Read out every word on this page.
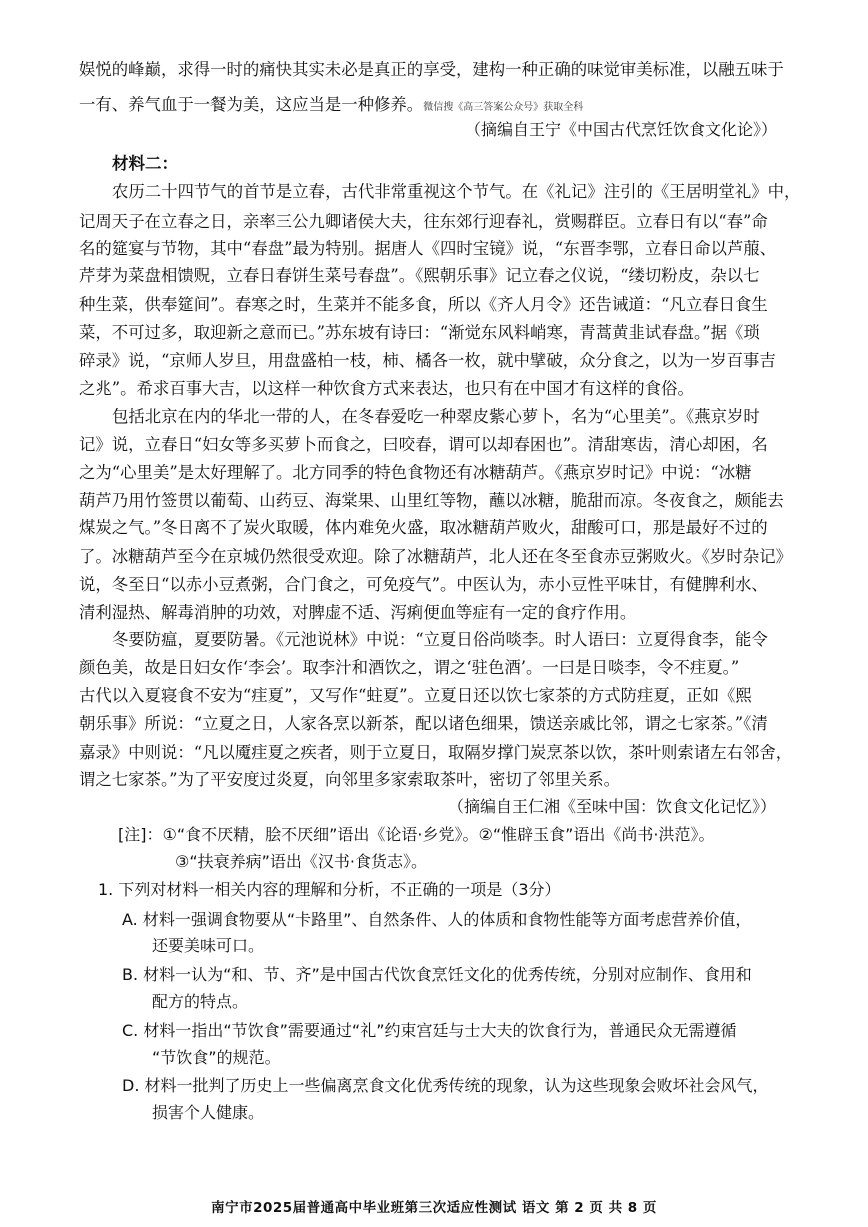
娱悦的峰巅，求得一时的痛快其实未必是真正的享受，建构一种正确的味觉审美标准，以融五味于
一有、养气血于一餐为美，这应当是一种修养。微信搜《高三答案公众号》获取全科
（摘编自王宁《中国古代烹饪饮食文化论》）
材料二：
农历二十四节气的首节是立春，古代非常重视这个节气。在《礼记》注引的《王居明堂礼》中，
记周天子在立春之日，亲率三公九卿诸侯大夫，往东郊行迎春礼，赏赐群臣。立春日有以“春”命
名的筵宴与节物，其中“春盘”最为特别。据唐人《四时宝镜》说，“东晋李鄂，立春日命以芦菔、
芹芽为菜盘相馈贶，立春日春饼生菜号春盘”。《熙朝乐事》记立春之仪说，“缕切粉皮，杂以七
种生菜，供奉筵间”。春寒之时，生菜并不能多食，所以《齐人月令》还告诫道：“凡立春日食生
菜，不可过多，取迎新之意而已。”苏东坡有诗曰：“渐觉东风料峭寒，青蒿黄韭试春盘。”据《琐
碎录》说，“京师人岁旦，用盘盛柏一枝，柿、橘各一枚，就中擘破，众分食之，以为一岁百事吉
之兆”。希求百事大吉，以这样一种饮食方式来表达，也只有在中国才有这样的食俗。
包括北京在内的华北一带的人，在冬春爱吃一种翠皮紫心萝卜，名为“心里美”。《燕京岁时
记》说，立春日“妇女等多买萝卜而食之，曰咬春，谓可以却春困也”。清甜寒齿，清心却困，名
之为“心里美”是太好理解了。北方同季的特色食物还有冰糖葫芦。《燕京岁时记》中说：“冰糖
葫芦乃用竹签贯以葡萄、山药豆、海棠果、山里红等物，蘸以冰糖，脆甜而凉。冬夜食之，颇能去
煤炭之气。”冬日离不了炭火取暖，体内难免火盛，取冰糖葫芦败火，甜酸可口，那是最好不过的
了。冰糖葫芦至今在京城仍然很受欢迎。除了冰糖葫芦，北人还在冬至食赤豆粥败火。《岁时杂记》
说，冬至日“以赤小豆煮粥，合门食之，可免疫气”。中医认为，赤小豆性平味甘，有健脾利水、
清利湿热、解毒消肿的功效，对脾虚不适、泻痢便血等症有一定的食疗作用。
冬要防瘟，夏要防暑。《元池说林》中说：“立夏日俗尚啖李。时人语曰：立夏得食李，能令
颜色美，故是日妇女作‘李会’。取李汁和酒饮之，谓之‘驻色酒’。一曰是日啖李，令不疰夏。”
古代以入夏寝食不安为“疰夏”，又写作“蛀夏”。立夏日还以饮七家茶的方式防疰夏，正如《熙
朝乐事》所说：“立夏之日，人家各烹以新茶，配以诸色细果，馈送亲戚比邻，谓之七家茶。”《清
嘉录》中则说：“凡以魇疰夏之疾者，则于立夏日，取隔岁撑门炭烹茶以饮，茶叶则索诸左右邻舍，
谓之七家茶。”为了平安度过炎夏，向邻里多家索取茶叶，密切了邻里关系。
（摘编自王仁湘《至味中国：饮食文化记忆》）
[注]：①“食不厌精，脍不厌细”语出《论语·乡党》。②“惟辟玉食”语出《尚书·洪范》。
③“扶衰养病”语出《汉书·食货志》。
1. 下列对材料一相关内容的理解和分析，不正确的一项是（3分）
A. 材料一强调食物要从“卡路里”、自然条件、人的体质和食物性能等方面考虑营养价值，
还要美味可口。
B. 材料一认为“和、节、齐”是中国古代饮食烹饪文化的优秀传统，分别对应制作、食用和
配方的特点。
C. 材料一指出“节饮食”需要通过“礼”约束宫廷与士大夫的饮食行为，普通民众无需遵循
“节饮食”的规范。
D. 材料一批判了历史上一些偏离烹食文化优秀传统的现象，认为这些现象会败坏社会风气，
损害个人健康。
南宁市2025届普通高中毕业班第三次适应性测试 语文 第 2 页 共 8 页
